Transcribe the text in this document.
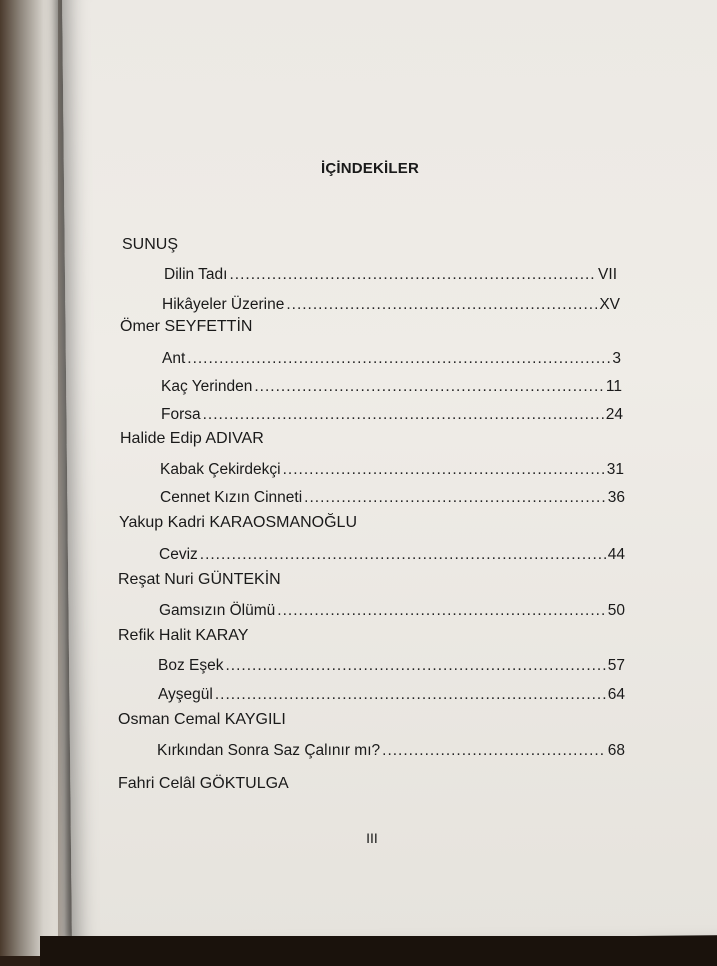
İÇİNDEKİLER
SUNUŞ
Dilin Tadı .....	VII
Hikâyeler Üzerine .....	XV
Ömer SEYFETTİN
Ant .....	3
Kaç Yerinden .....	11
Forsa .....	24
Halide Edip ADIVAR
Kabak Çekirdekçi .....	31
Cennet Kızın Cinneti .....	36
Yakup Kadri KARAOSMANOĞLU
Ceviz .....	44
Reşat Nuri GÜNTEKİN
Gamsızın Ölümü .....	50
Refik Halit KARAY
Boz Eşek .....	57
Ayşegül .....	64
Osman Cemal KAYGILI
Kırkından Sonra Saz Çalınır mı? .....	68
Fahri Celâl GÖKTULGA
III
